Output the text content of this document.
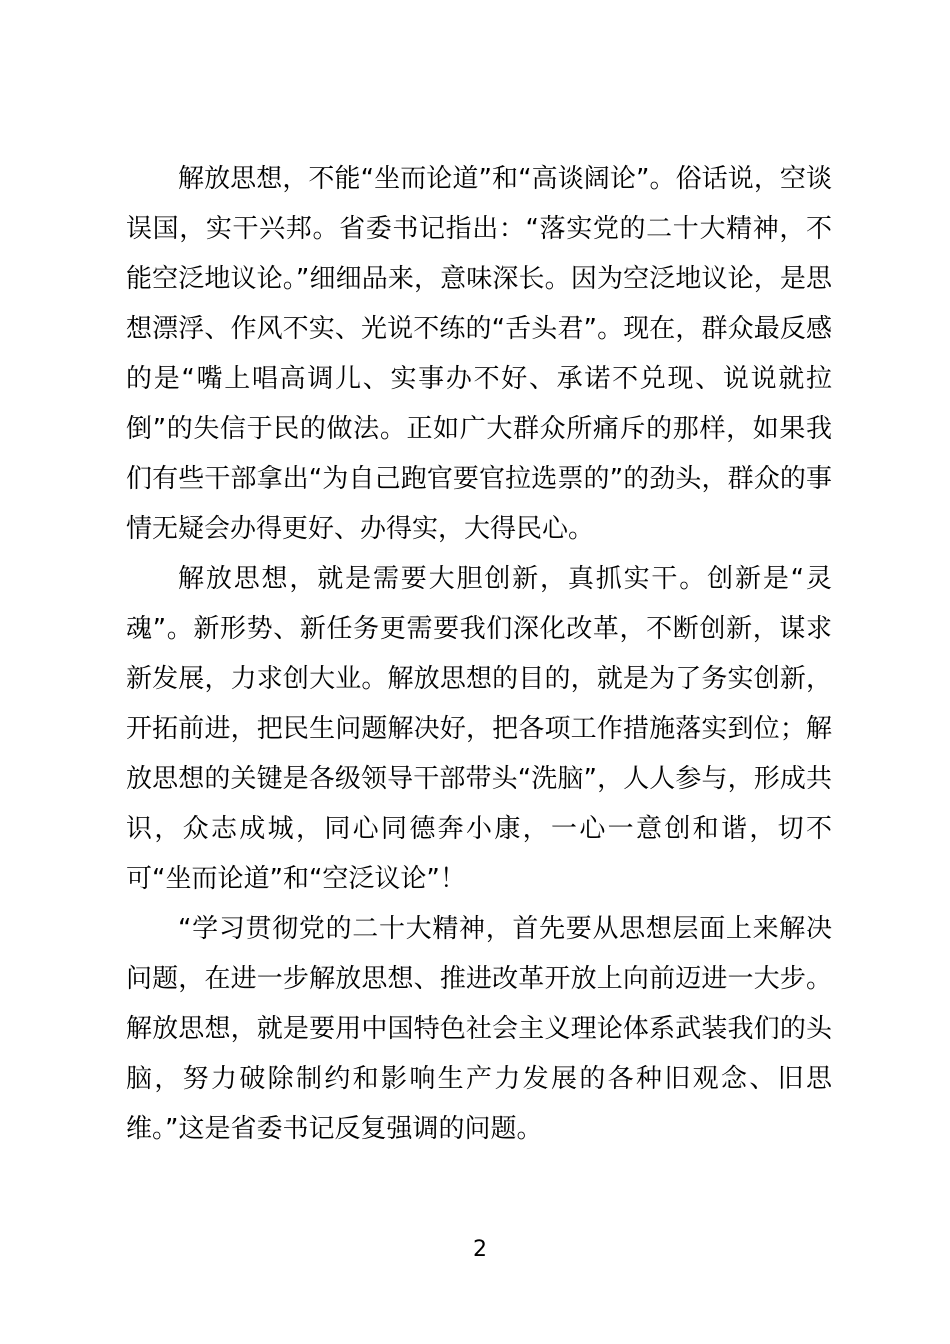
解放思想，不能“坐而论道”和“高谈阔论”。俗话说，空谈误国，实干兴邦。省委书记指出：“落实党的二十大精神，不能空泛地议论。”细细品来，意味深长。因为空泛地议论，是思想漂浮、作风不实、光说不练的“舌头君”。现在，群众最反感的是“嘴上唱高调儿、实事办不好、承诺不兑现、说说就拉倒”的失信于民的做法。正如广大群众所痛斥的那样，如果我们有些干部拿出“为自己跑官要官拉选票的”的劲头，群众的事情无疑会办得更好、办得实，大得民心。

解放思想，就是需要大胆创新，真抓实干。创新是“灵魂”。新形势、新任务更需要我们深化改革，不断创新，谋求新发展，力求创大业。解放思想的目的，就是为了务实创新，开拓前进，把民生问题解决好，把各项工作措施落实到位；解放思想的关键是各级领导干部带头“洗脑”，人人参与，形成共识，众志成城，同心同德奔小康，一心一意创和谐，切不可“坐而论道”和“空泛议论”！

“学习贯彻党的二十大精神，首先要从思想层面上来解决问题，在进一步解放思想、推进改革开放上向前迈进一大步。解放思想，就是要用中国特色社会主义理论体系武装我们的头脑，努力破除制约和影响生产力发展的各种旧观念、旧思维。”这是省委书记反复强调的问题。

2
